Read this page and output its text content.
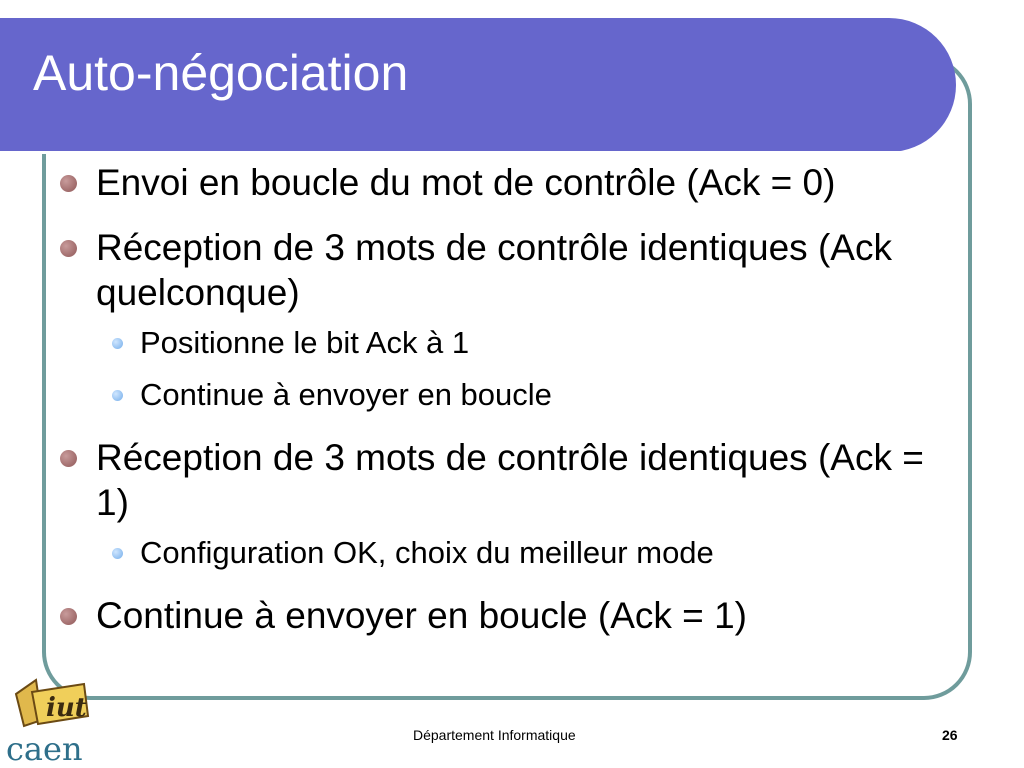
Auto-négociation
Envoi en boucle du mot de contrôle (Ack = 0)
Réception de 3 mots de contrôle identiques (Ack quelconque)
Positionne le bit Ack à 1
Continue à envoyer en boucle
Réception de 3 mots de contrôle identiques (Ack = 1)
Configuration OK, choix du meilleur mode
Continue à envoyer en boucle (Ack = 1)
iut
caen	Département Informatique	26
